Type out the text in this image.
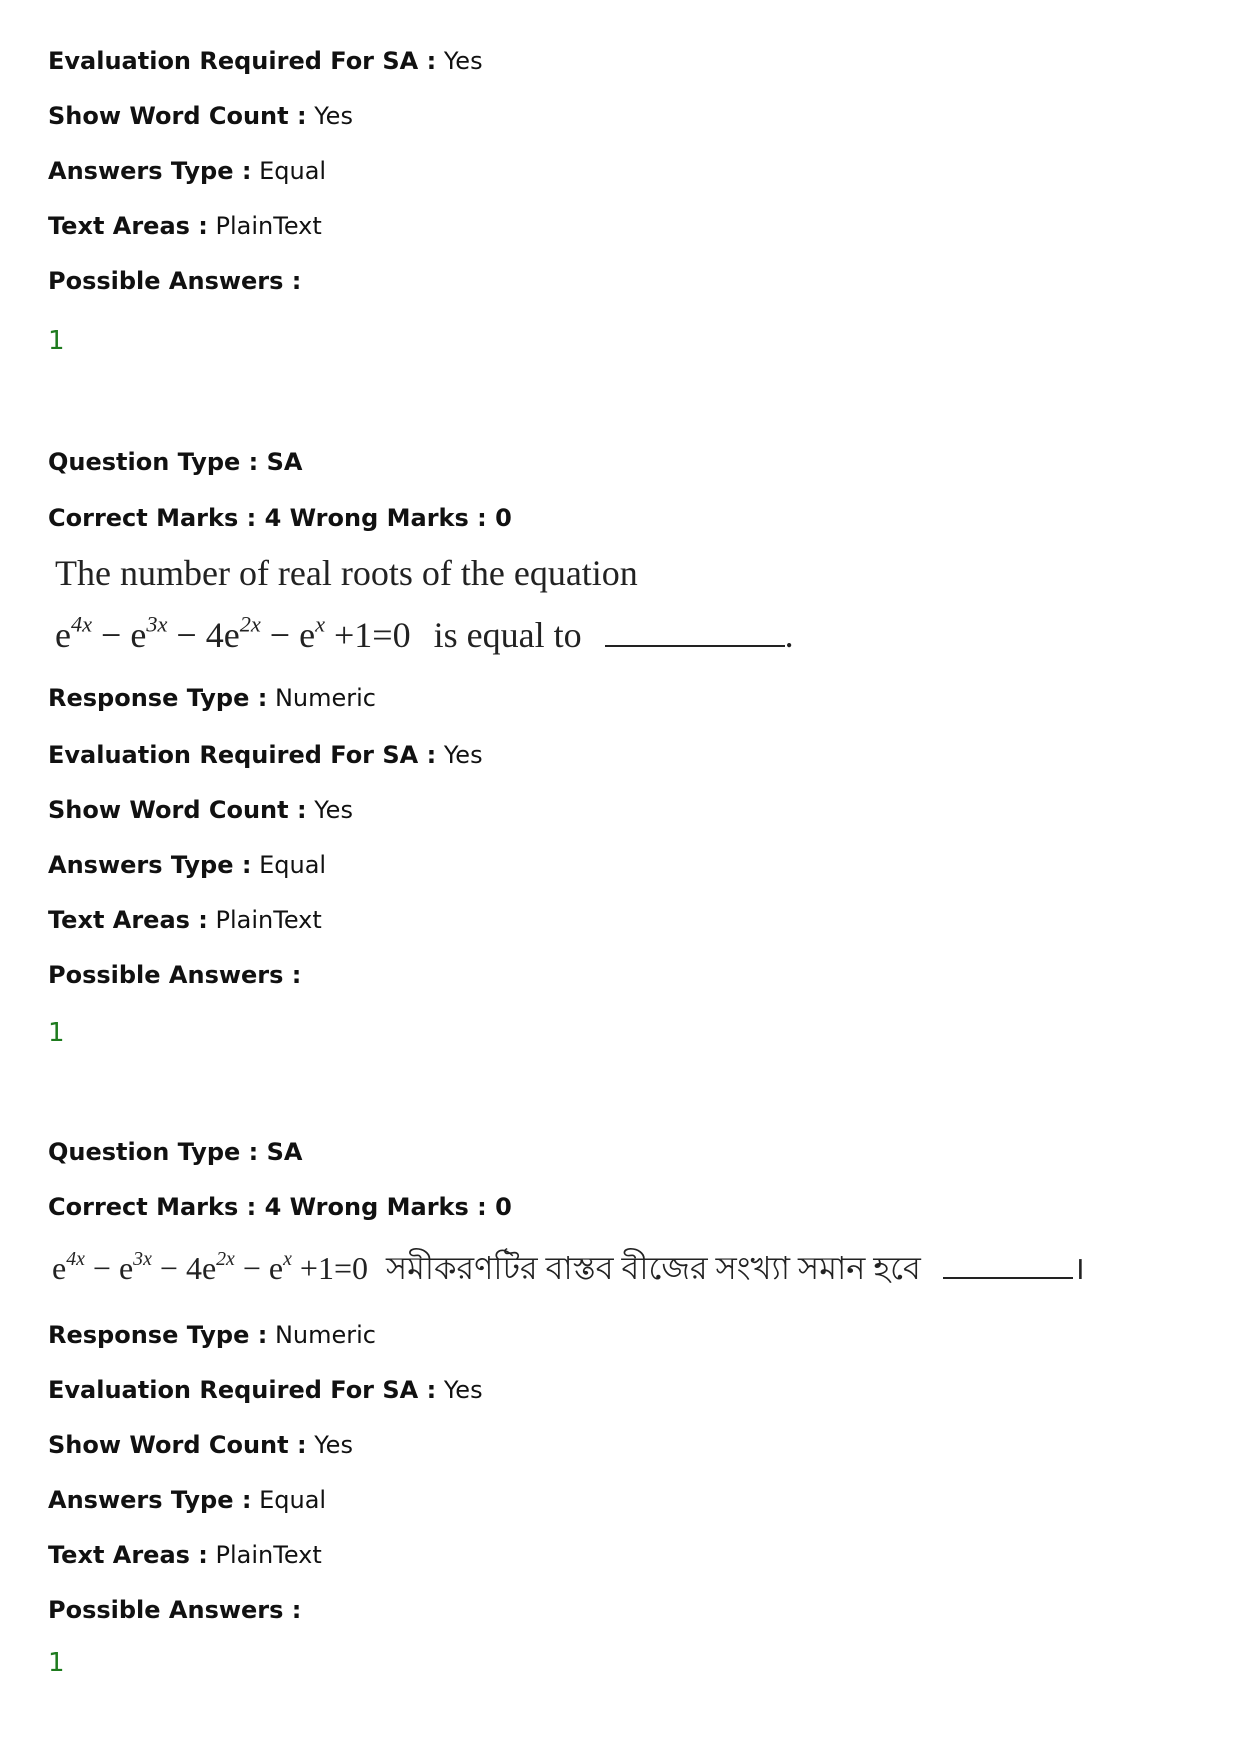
Evaluation Required For SA : Yes
Show Word Count : Yes
Answers Type : Equal
Text Areas : PlainText
Possible Answers :
1
Question Type : SA
Correct Marks : 4 Wrong Marks : 0
The number of real roots of the equation
$e^{4x} - e^{3x} - 4e^{2x} - e^x +1=0$ is equal to	.
Response Type : Numeric
Evaluation Required For SA : Yes
Show Word Count : Yes
Answers Type : Equal
Text Areas : PlainText
Possible Answers :
1
Question Type : SA
Correct Marks : 4 Wrong Marks : 0
$e^{4x} - e^{3x} - 4e^{2x} - e^x +1=0$ সমীকরণটির বাস্তব বীজের সংখ্যা সমান হবে	।
Response Type : Numeric
Evaluation Required For SA : Yes
Show Word Count : Yes
Answers Type : Equal
Text Areas : PlainText
Possible Answers :
1
